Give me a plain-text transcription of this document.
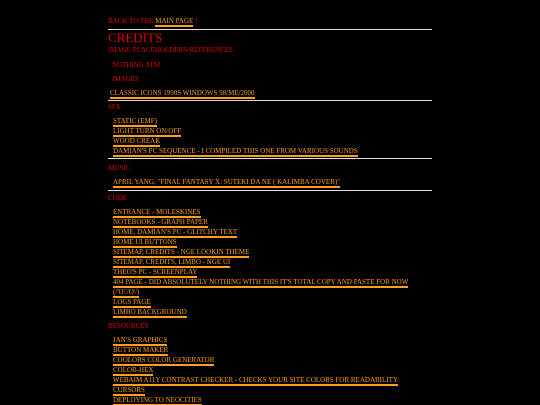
BACK TO THE MAIN PAGE !
CREDITS
IMAGE PLACEHOLDERS/REFERENCES
NOTHING ATM
IMAGES
CLASSIC ICONS 1990S WINDOWS 98/ME/2000
SFX
STATIC (EMF)
LIGHT TURN ON/OFF
WOOD CREAK
DAMIAN'S PC SEQUENCE - I COMPILED THIS ONE FROM VARIOUS SOUNDS
MUSIC
APRIL YANG, "FINAL FANTASY X: SUTEKI DA NE ( KALIMBA COVER)"
CODE
ENTRANCE - MOLESKINES
NOTEBOOKS - GRAPH PAPER
HOME, DAMIAN'S PC - GLITCHY TEXT
HOME UI BUTTONS
SITEMAP, CREDITS - NGE LOOKIN THEME
SITEMAP, CREDITS, LIMBO - NGE UI
THEO'S PC - SCREENPLAY
404 PAGE - DID ABSOLUTELY NOTHING WITH THIS IT'S TOTAL COPY AND PASTE FOR NOW (/'O\'/O\')
LOGS PAGE
LIMBO BACKGROUND
RESOURCES
JAN'S GRAPHICS
BUTTON MAKER
COOLORS COLOR GENERATOR
COLOR-HEX
WEBAIM A11Y CONTRAST CHECKER - CHECKS YOUR SITE COLORS FOR READABILITY
CURSORS
DEPLOYING TO NEOCITIES
